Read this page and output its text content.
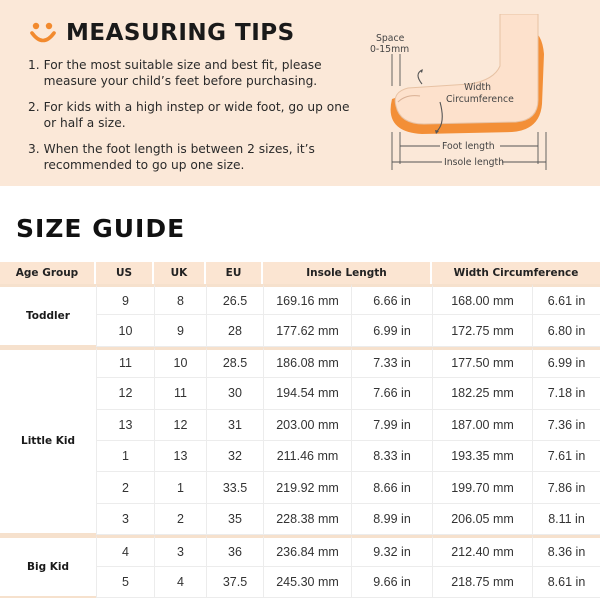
MEASURING TIPS
1. For the most suitable size and best fit, please measure your child’s feet before purchasing.
2. For kids with a high instep or wide foot, go up one or half a size.
3. When the foot length is between 2 sizes, it’s recommended to go up one size.
Space
0-15mm
Width
Circumference
Foot length
Insole length
SIZE GUIDE
Age Group	US	UK	EU	Insole Length		Width Circumference	
Toddler	9	8	26.5	169.16 mm	6.66 in	168.00 mm	6.61 in
	10	9	28	177.62 mm	6.99 in	172.75 mm	6.80 in
Little Kid	11	10	28.5	186.08 mm	7.33 in	177.50 mm	6.99 in
	12	11	30	194.54 mm	7.66 in	182.25 mm	7.18 in
	13	12	31	203.00 mm	7.99 in	187.00 mm	7.36 in
	1	13	32	211.46 mm	8.33 in	193.35 mm	7.61 in
	2	1	33.5	219.92 mm	8.66 in	199.70 mm	7.86 in
	3	2	35	228.38 mm	8.99 in	206.05 mm	8.11 in
Big Kid	4	3	36	236.84 mm	9.32 in	212.40 mm	8.36 in
	5	4	37.5	245.30 mm	9.66 in	218.75 mm	8.61 in
